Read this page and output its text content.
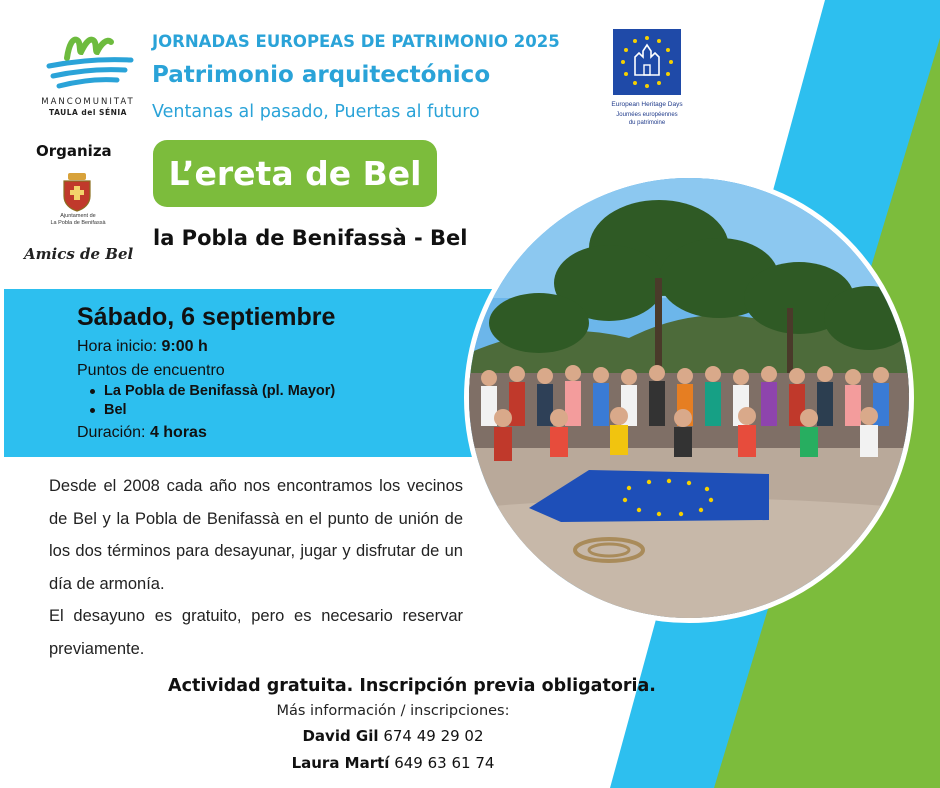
MANCOMUNITAT
TAULA del SÉNIA
Organiza
Ajuntament de
La Pobla de Benifassà
Amics de Bel
JORNADAS EUROPEAS DE PATRIMONIO 2025
Patrimonio arquitectónico
Ventanas al pasado, Puertas al futuro	European Heritage Days
Journées européennes
du patrimoine
L’ereta de Bel
la Pobla de Benifassà - Bel
Sábado, 6 septiembre
Hora inicio: 9:00 h
Puntos de encuentro
La Pobla de Benifassà (pl. Mayor)
Bel
Duración: 4 horas

Desde el 2008 cada año nos encontramos los vecinos de Bel y la Pobla de Benifassà en el punto de unión de los dos términos para desayunar, jugar y disfrutar de un día de armonía.

El desayuno es gratuito, pero es necesario reservar previamente.

Actividad gratuita. Inscripción previa obligatoria.
Más información / inscripciones:
David Gil 674 49 29 02
Laura Martí 649 63 61 74
